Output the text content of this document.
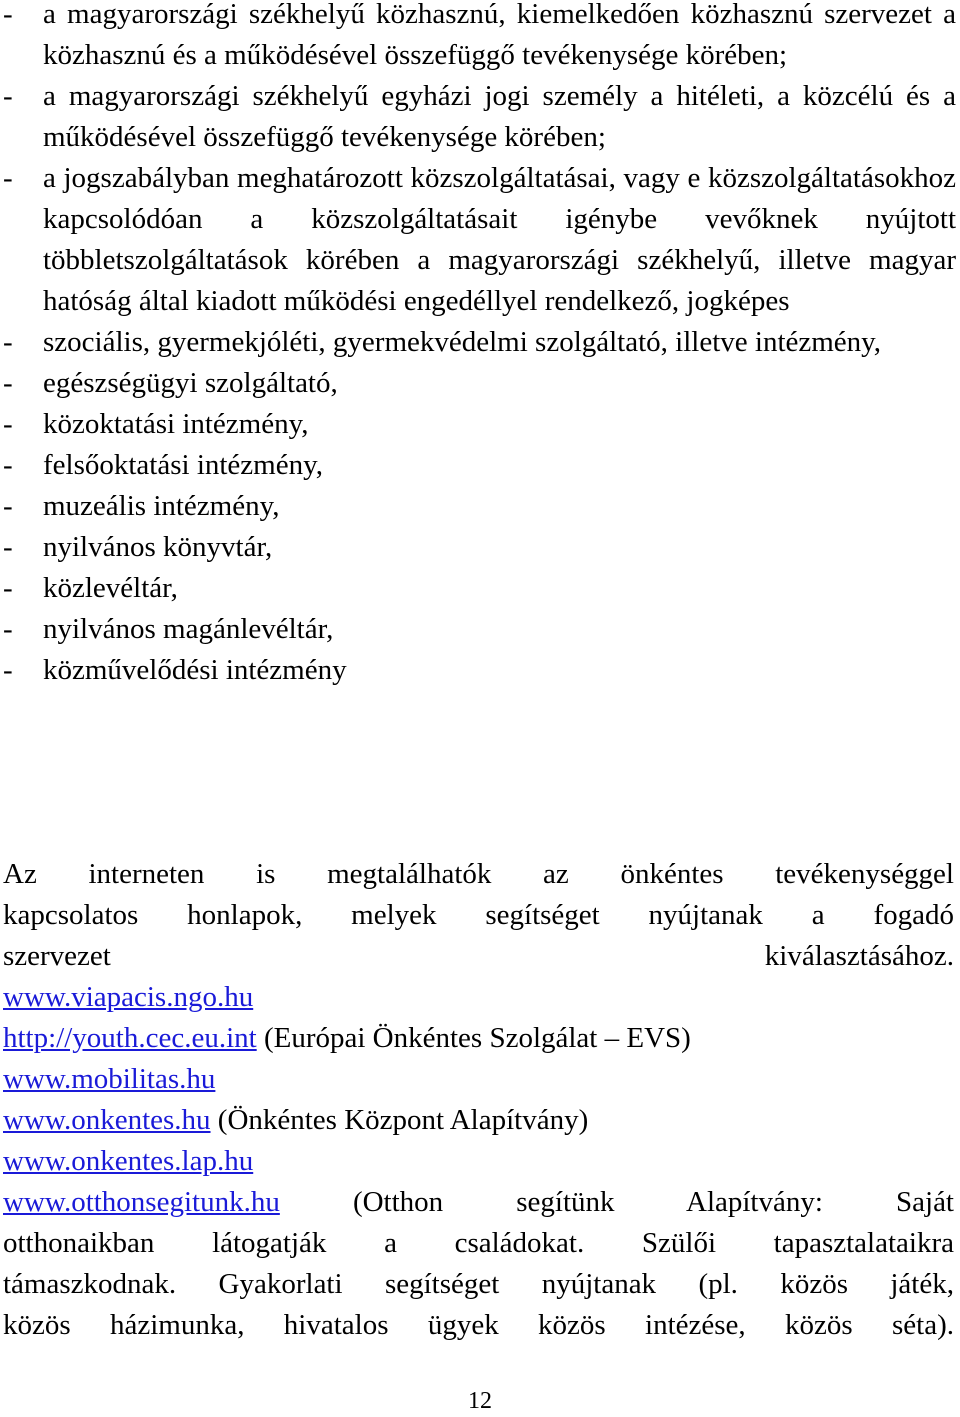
- a magyarországi székhelyű közhasznú, kiemelkedően közhasznú szervezet a közhasznú és a működésével összefüggő tevékenysége körében;
- a magyarországi székhelyű egyházi jogi személy a hitéleti, a közcélú és a működésével összefüggő tevékenysége körében;
- a jogszabályban meghatározott közszolgáltatásai, vagy e közszolgáltatásokhoz kapcsolódóan a közszolgáltatásait igénybe vevőknek nyújtott többletszolgáltatások körében a magyarországi székhelyű, illetve magyar hatóság által kiadott működési engedéllyel rendelkező, jogképes
- szociális, gyermekjóléti, gyermekvédelmi szolgáltató, illetve intézmény,
- egészségügyi szolgáltató,
- közoktatási intézmény,
- felsőoktatási intézmény,
- muzeális intézmény,
- nyilvános könyvtár,
- közlevéltár,
- nyilvános magánlevéltár,
- közművelődési intézmény
Az interneten is megtalálhatók az önkéntes tevékenységgel
kapcsolatos honlapok, melyek segítséget nyújtanak a fogadó
szervezet kiválasztásához.
www.viapacis.ngo.hu
http://youth.cec.eu.int (Európai Önkéntes Szolgálat – EVS)
www.mobilitas.hu
www.onkentes.hu (Önkéntes Központ Alapítvány)
www.onkentes.lap.hu
www.otthonsegitunk.hu	(Otthon segítünk Alapítvány: Saját
otthonaikban látogatják a családokat. Szülői tapasztalataikra
támaszkodnak. Gyakorlati segítséget nyújtanak (pl. közös játék,
közös házimunka, hivatalos ügyek közös intézése, közös séta).
12
